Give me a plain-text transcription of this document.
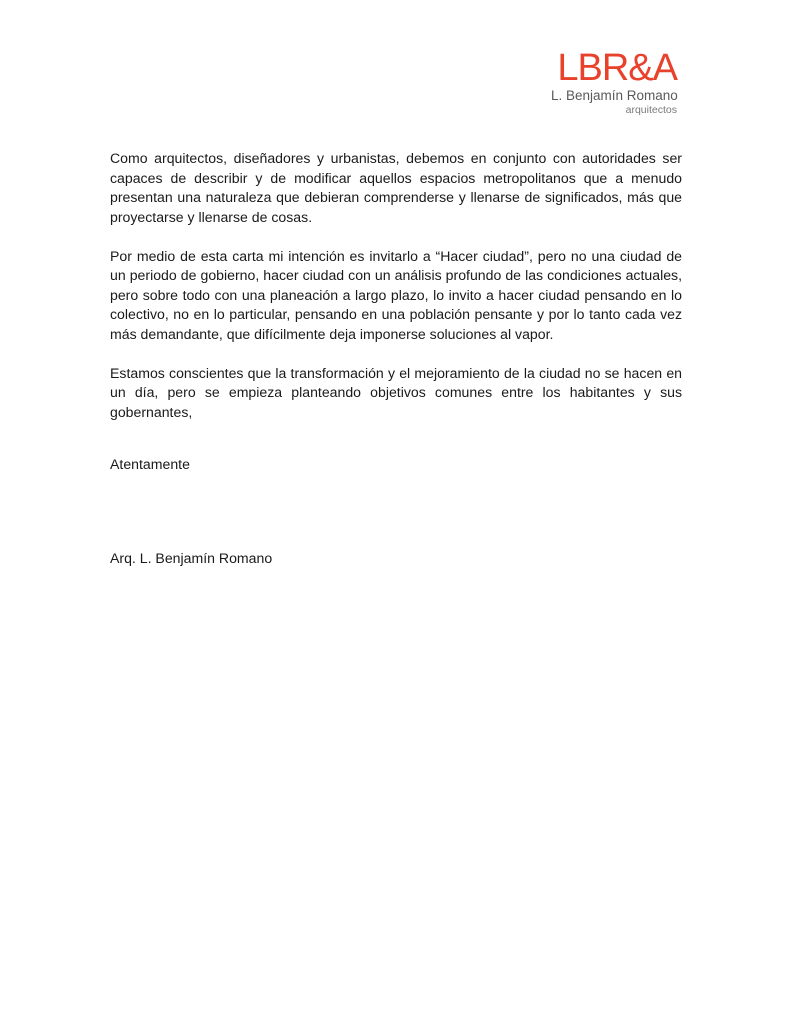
LBR&A
L. Benjamín Romano
arquitectos

Como arquitectos, diseñadores y urbanistas, debemos en conjunto con autoridades ser capaces de describir y de modificar aquellos espacios metropolitanos que a menudo presentan una naturaleza que debieran comprenderse y llenarse de significados, más que proyectarse y llenarse de cosas.

Por medio de esta carta mi intención es invitarlo a “Hacer ciudad”, pero no una ciudad de un periodo de gobierno, hacer ciudad con un análisis profundo de las condiciones actuales, pero sobre todo con una planeación a largo plazo, lo invito a hacer ciudad pensando en lo colectivo, no en lo particular, pensando en una población pensante y por lo tanto cada vez más demandante, que difícilmente deja imponerse soluciones al vapor.

Estamos conscientes que la transformación y el mejoramiento de la ciudad no se hacen en un día, pero se empieza planteando objetivos comunes entre los habitantes y sus gobernantes,

Atentamente

Arq. L. Benjamín Romano
